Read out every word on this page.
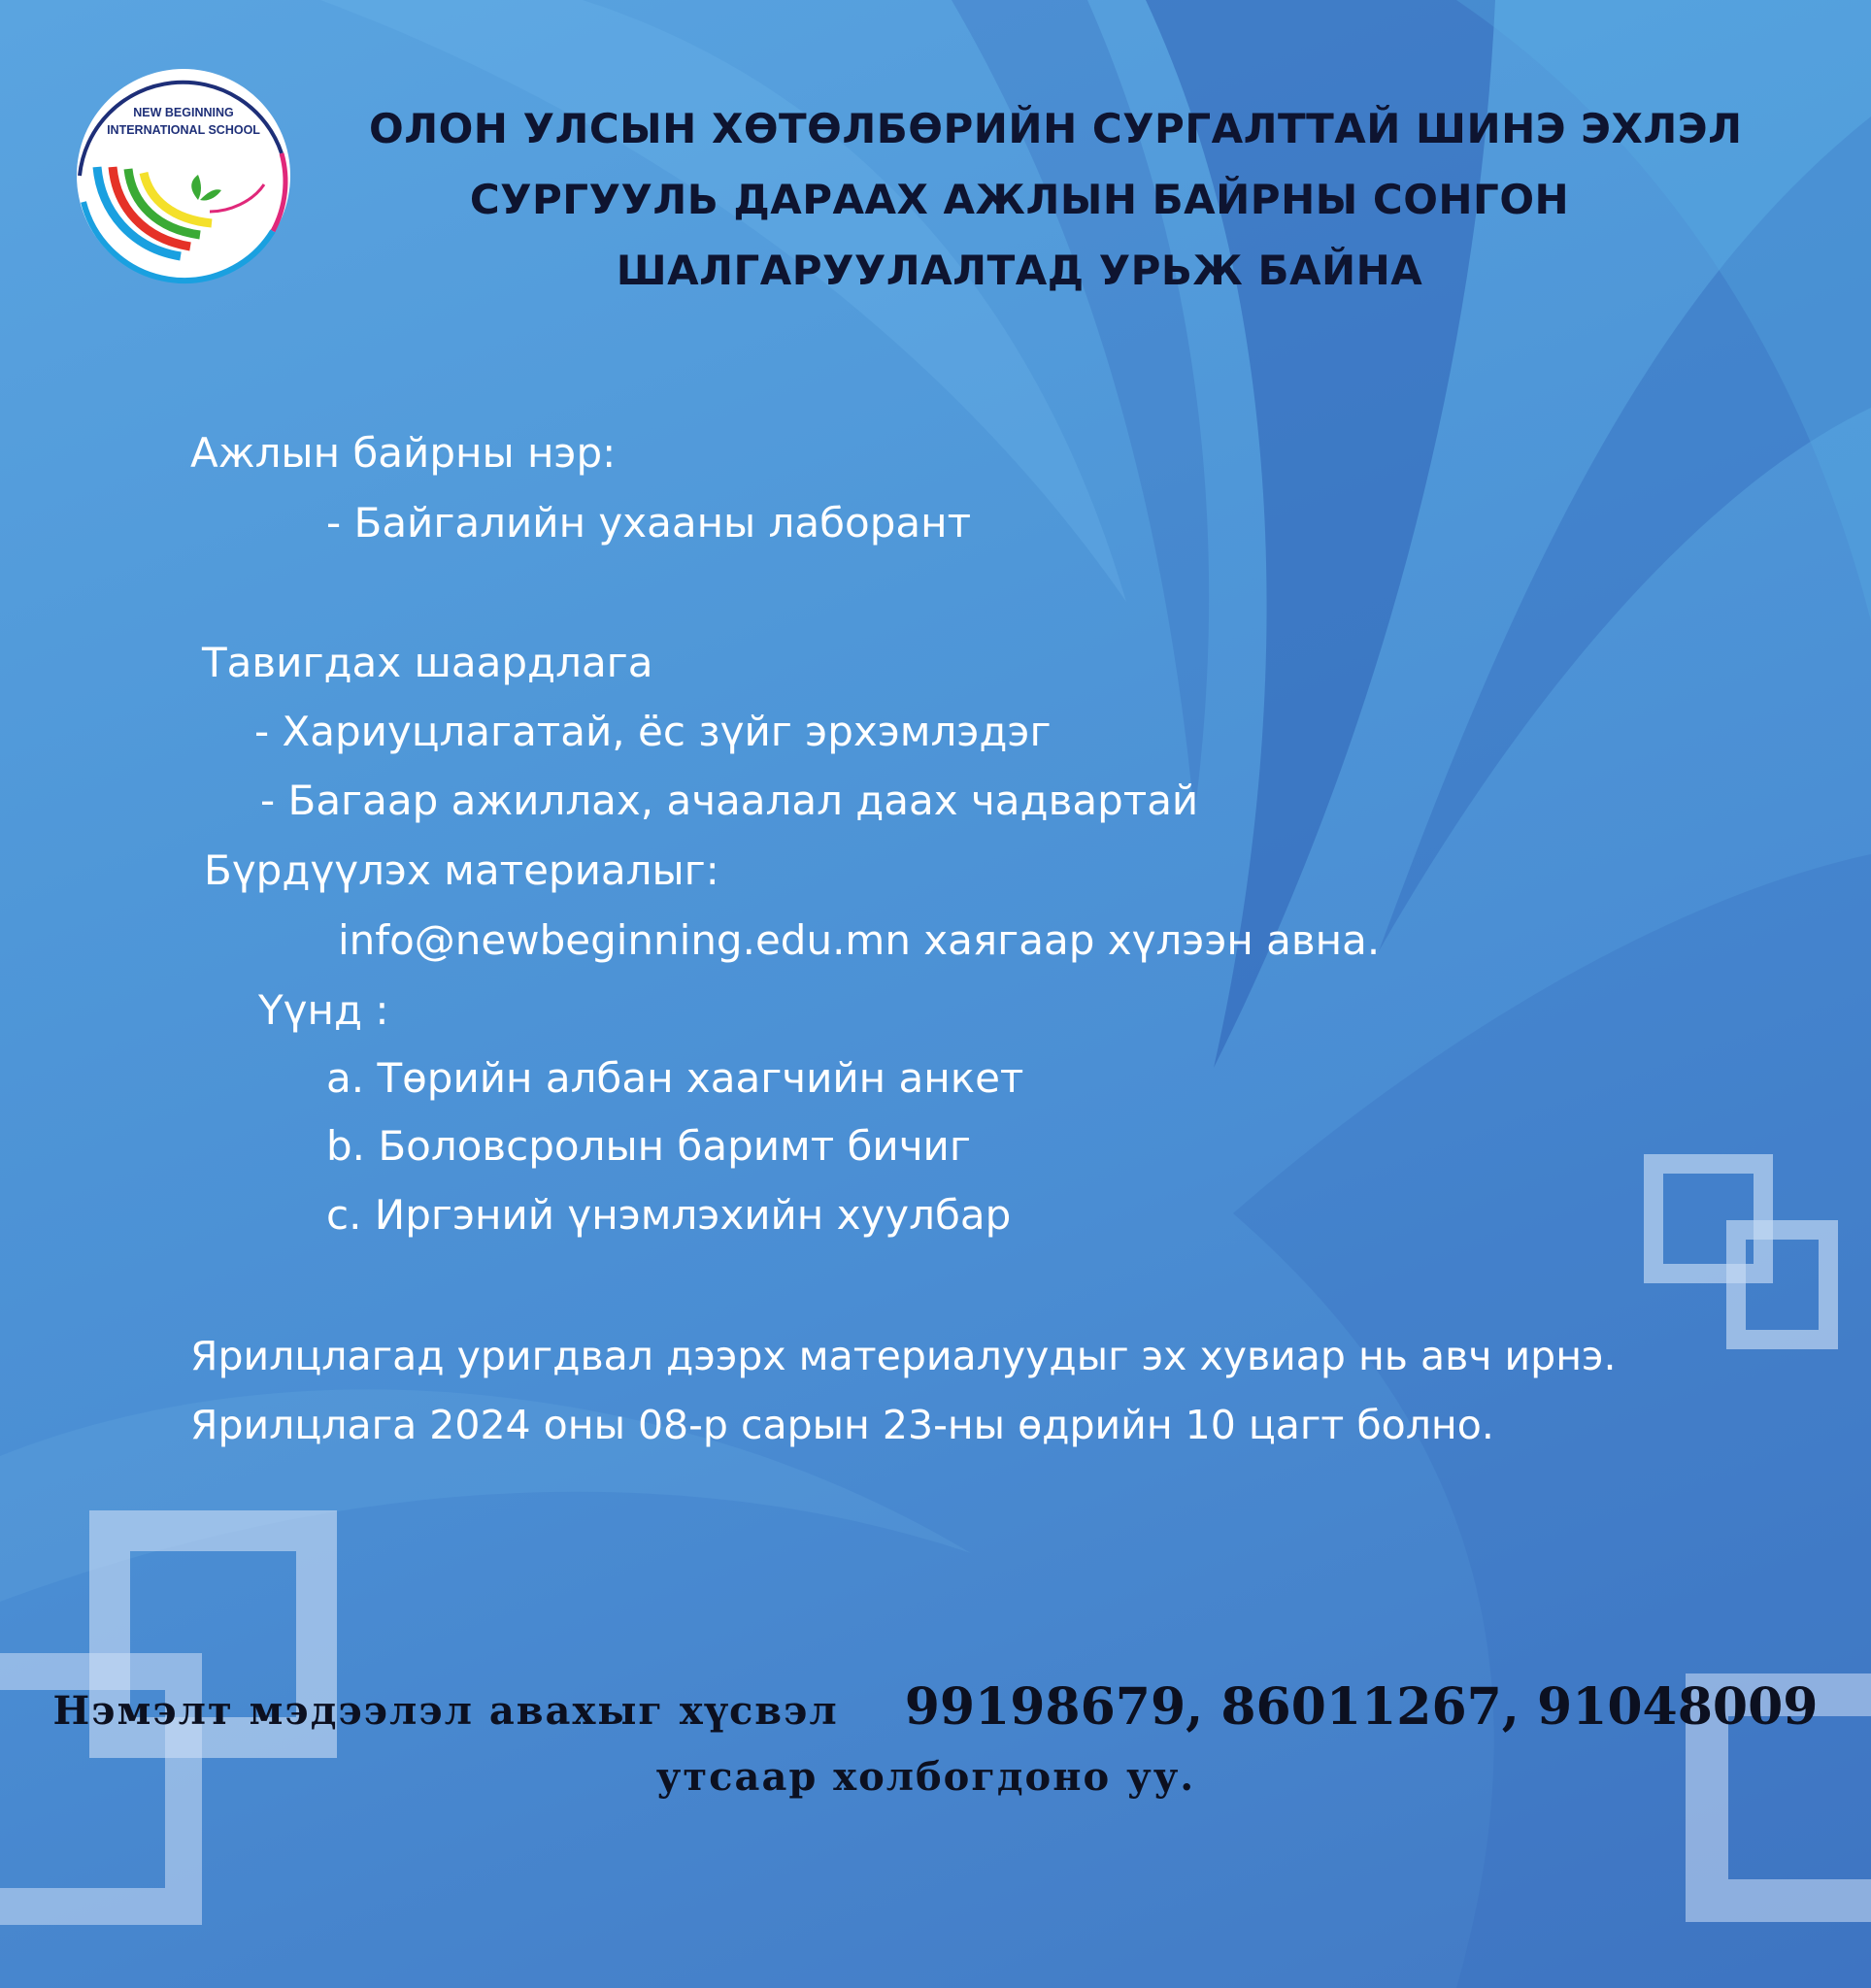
NEW BEGINNING
INTERNATIONAL SCHOOL	ОЛОН УЛСЫН ХӨТӨЛБӨРИЙН СУРГАЛТТАЙ ШИНЭ ЭХЛЭЛ
СУРГУУЛЬ ДАРААХ АЖЛЫН БАЙРНЫ СОНГОН
ШАЛГАРУУЛАЛТАД УРЬЖ БАЙНА
Ажлын байрны нэр:
- Байгалийн ухааны лаборант
Тавигдах шаардлага
- Хариуцлагатай, ёс зүйг эрхэмлэдэг
- Багаар ажиллах, ачаалал даах чадвартай
Бүрдүүлэх материалыг:
info@newbeginning.edu.mn хаягаар хүлээн авна.
Үүнд :
a. Төрийн албан хаагчийн анкет
b. Боловсролын баримт бичиг
c. Иргэний үнэмлэхийн хуулбар
Ярилцлагад уригдвал дээрх материалуудыг эх хувиар нь авч ирнэ.
Ярилцлага 2024 оны 08-р сарын 23-ны өдрийн 10 цагт болно.
Нэмэлт мэдээлэл авахыг хүсвэл 99198679, 86011267, 91048009
утсаар холбогдоно уу.
